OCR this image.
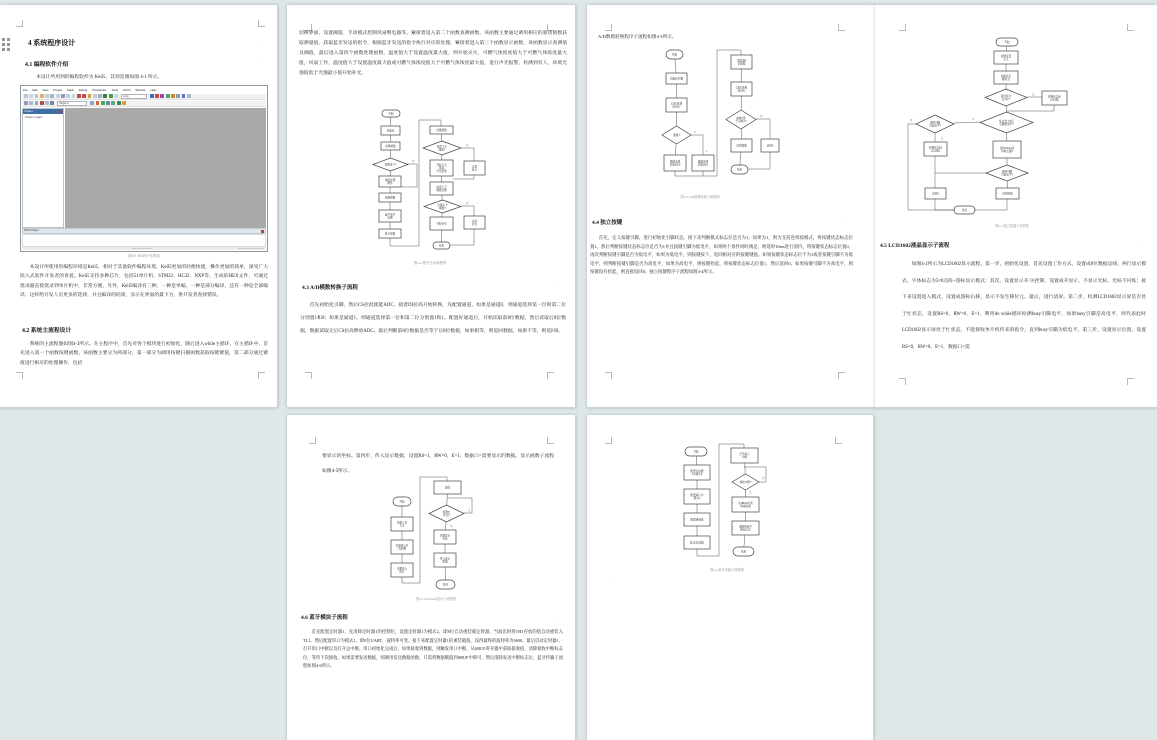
4 系统程序设计	·
4.1 编程软件介绍	·
本设计所用到的编程软件为 Keil5，其预览图如图 4-1 所示。
File Edit View Project Flash Debug Peripherals Tools SVCS Window Help
mmp
Target 1
Project
Project: project
Build Output
图4-1 Keil5开发界面
本设计所使用的编程环境是Keil5，相对于其他软件编程环境，Keil5更加的轻便快捷，操作更加的简单，深受广大嵌入式软件开发者的喜爱。Keil5支持多种芯片，包括51单片机、STM32、HC32、NXP等，生成的HEX文件，可通过烧录器直接烧录到单片机中，非常方便。另外，Keil5编译有三种，一种是单编，一种是部分编译，还有一种是全部编译，这样给开发人员更多的选择，并且编译的结果，显示在界面的最下方，供开发者查找错误。
4.2 系统主流程设计
系统的主流程图如图4-3所示。在主程序中，首先对各个模块进行初始化，随后进入while主循环，在主循环中，首先进入第一个函数按键函数，该函数主要分为两部分，第一部分为调用按键扫描函数获取按键键值，第二部分通过键值进行相应的处理操作，包括
切换界面、设置阈值、手动模式控制风扇继电器等。紧接着进入第二个函数查测函数，该函数主要通过调用相应的驱动函数获取测量值，获取蓝牙发送的指令，根据蓝牙发送的指令执行对应的处理。紧接着进入第三个函数显示函数，该函数显示查测值及阈值，最后进入第四个函数处理函数，温度值大于设置温度最大值，则开始灭火，可燃气体浓度值大于可燃气体浓度最大值，风扇工作，温度值大于设置温度最大值或可燃气体浓度值大于可燃气体浓度最大值，进行声光报警，检测到有人，环境光强值低于光强最小值开始补光。
开始
初始化
按键函数
按键按下?
键值处理
操作
查测函数
蓝牙指令
处理
显示函数
处理函数
温度大于
阈值?
开始灭火
风扇
声光报警
浓度大于
阈值处理
光强小于
阈值?
开始补光
结束
正常
显示
关闭
补光
否
否
否
图4-2 程序总体流程图
4.3 A/D模数转换子流程	·
首先初始化引脚，然后CS拉低使能ADC，接着DI拉高开始转换，先配置通道，如果是通道0，则通道选择第一位和第二位分别置1和0；如果是通道1，则通道选择第一位和第二位分别置1和1。配置好通道后，开始读取前8位数据，然后读取后8位数据，数据读取完后CS拉高释放ADC。最后判断前8位数据是否等于后8位数据，如果相等，则返回数据，如果不等，则返回0。
A/D数模转换程序子流程如图4-3所示。
开始
初始化引脚
CS拉低使
能ADC
通道?
通道选择
位置1和0
通道选择
位置1和1
读取前8
位数据
CS拉高释
放ADC
前8位等
于后8位?
返回数据	返回0
结束
0
1
否
图4-3 A/D数模转换子流程图
4.4 独立按键	·
首先，定义按键引脚，进行初始化引脚状态。接下来判断模式标志位是否为1，如果为1，则为支持连续按模式，将按键状态标志位置1。然后判断按键状态标志位是否为1并且按键引脚为低电平，如果两个条件同时满足，则延时10ms进行消抖，将按键状态标志位置0。再次判断按键引脚是否为低电平，如果为低电平，则按键按下，返回相对应的按键键值。如果按键状态标志位不为1或者按键引脚不为低电平，则判断按键引脚是否为高电平，如果为高电平，则按键抬起，将按键状态标志位置1，然后返回0。如果按键引脚不为高电平，则按键没有抬起，则直接返回0。独立按键程序子流程如图4-4所示。
开始
按键变量
定义
初始化引
脚状态
模式标志
位为1?
按键状态标
志位置1
标志位为1且
引脚低电平?
按键引脚
为高电平?
按键状态标
志位置1
延时10ms消
抖标志置0
按键引脚
为低电平?
返回0	返回键值
结束
是
否
是
否
图4-4 独立按键子流程图
4.5 LCD1602液晶显示子流程	·
如图4-2所示为LCD1602显示流程，第一步，初始化设置，首先设置工作方式，设置成8位数据总线、两行显示模式、字体标志为5×8点阵+游标显示模式；其次，设置显示开/关控制，设置成开显示、不显示光标、光标不闪烁；接下来设置进入模式，设置成游标右移，显示不发生移位元。最后，进行清屏。第二步，检测LCD1602显示屏是否处于忙状态，设置RS=0，RW=0，E=1，利用do while循环检测busy引脚电平，如果busy引脚是高电平，则代表此时LCD1602显示屏处于忙状态，不能接收单片机传来的指令，直到busy引脚为低电平。第三步，设置显示位置，设置RS=0，RW=0，E=1，数据口=需
要显示的坐标。第四步，传入显示数据，设置RS=1，RW=0，E=1，数据口=需要显示的数据。显示函数子流程如图4-5所示。
开始
设置工作
方式
设置显示开
/关控制
设置进入
模式
清屏
检测忙
状态?
设置显示
坐标
传入显示
数据
结束
是
否
图4-5 LCD1602显示子流程图
4.6 蓝牙模块子流程	·
首先配置定时器1，先清除定时器1的控制位，设置定时器1为模式2，即8位自动重装载定时器，当溢出时将TH1存放的值自动重装入TL1。然后配置串口为模式1，即8位UART，波特率可变。接下来配置定时器1的重装载值，设得最终的波特率为9600。最后启动定时器1，打开串口中断以及打开总中断。串口初始化完成后，如果接收到数据，则触发串口中断，从SBUF寄存器中获取接收值，清除接收中断标志位，等待下次接收。如果需要发送数据，则调用发送数据函数，只需将数据赋值到SBUF中即可，然后清除发送中断标志位，蓝牙传输子流程如图4-6所示。
开始
配置定时器
1为模式2
配置串口为
模式1
配置重装值
启动定时器1
打开串口
中断
接收中断?
从SBUF中获
取接收值
清除接收中
断标志位
结束
否
是
图4-6 蓝牙传输子流程图
·
